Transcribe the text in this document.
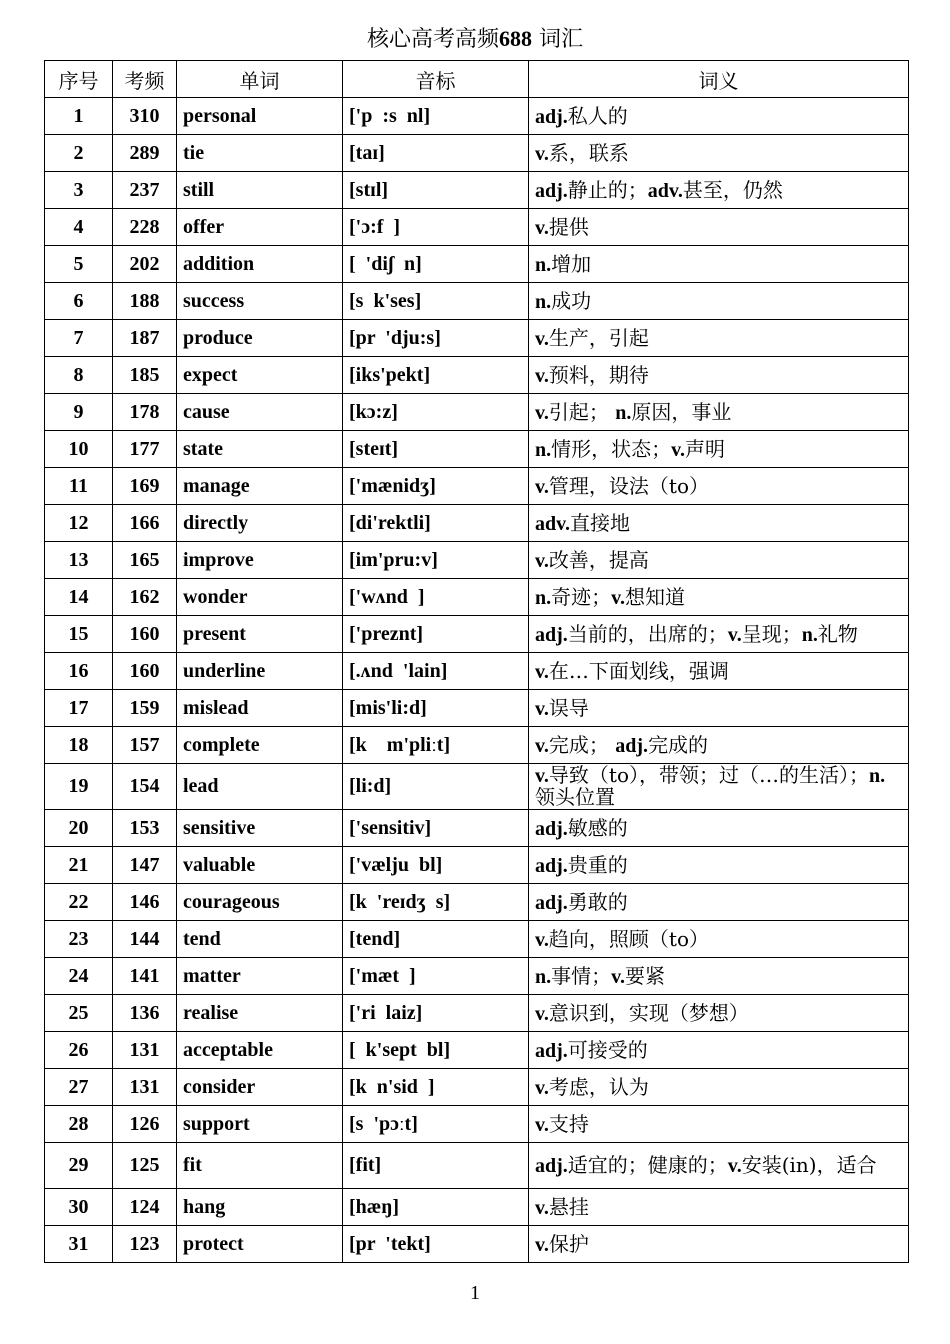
核心高考高频688 词汇
序号	考频	单词	音标	词义
1	310	personal	['p  :s  nl]	adj.私人的
2	289	tie	[taɪ]	v.系，联系
3	237	still	[stɪl]	adj.静止的；adv.甚至，仍然
4	228	offer	['ɔ:f  ]	v.提供
5	202	addition	[  'diʃ  n]	n.增加
6	188	success	[s  k'ses]	n.成功
7	187	produce	[pr  'dju:s]	v.生产，引起
8	185	expect	[iks'pekt]	v.预料，期待
9	178	cause	[kɔ:z]	v.引起； n.原因，事业
10	177	state	[steɪt]	n.情形，状态；v.声明
11	169	manage	['mænidʒ]	v.管理，设法（to）
12	166	directly	[di'rektli]	adv.直接地
13	165	improve	[im'pru:v]	v.改善，提高
14	162	wonder	['wʌnd  ]	n.奇迹；v.想知道
15	160	present	['preznt]	adj.当前的，出席的；v.呈现；n.礼物
16	160	underline	[.ʌnd  'lain]	v.在…下面划线，强调
17	159	mislead	[mis'li:d]	v.误导
18	157	complete	[k    m'pliːt]	v.完成； adj.完成的
19	154	lead	[li:d]	v.导致（to），带领；过（…的生活）；n.领头位置
20	153	sensitive	['sensitiv]	adj.敏感的
21	147	valuable	['vælju  bl]	adj.贵重的
22	146	courageous	[k  'reɪdʒ  s]	adj.勇敢的
23	144	tend	[tend]	v.趋向，照顾（to）
24	141	matter	['mæt  ]	n.事情；v.要紧
25	136	realise	['ri  laiz]	v.意识到，实现（梦想）
26	131	acceptable	[  k'sept  bl]	adj.可接受的
27	131	consider	[k  n'sid  ]	v.考虑，认为
28	126	support	[s  'pɔːt]	v.支持
29	125	fit	[fit]	adj.适宜的；健康的；v.安装(in)，适合
30	124	hang	[hæŋ]	v.悬挂
31	123	protect	[pr  'tekt]	v.保护
1
